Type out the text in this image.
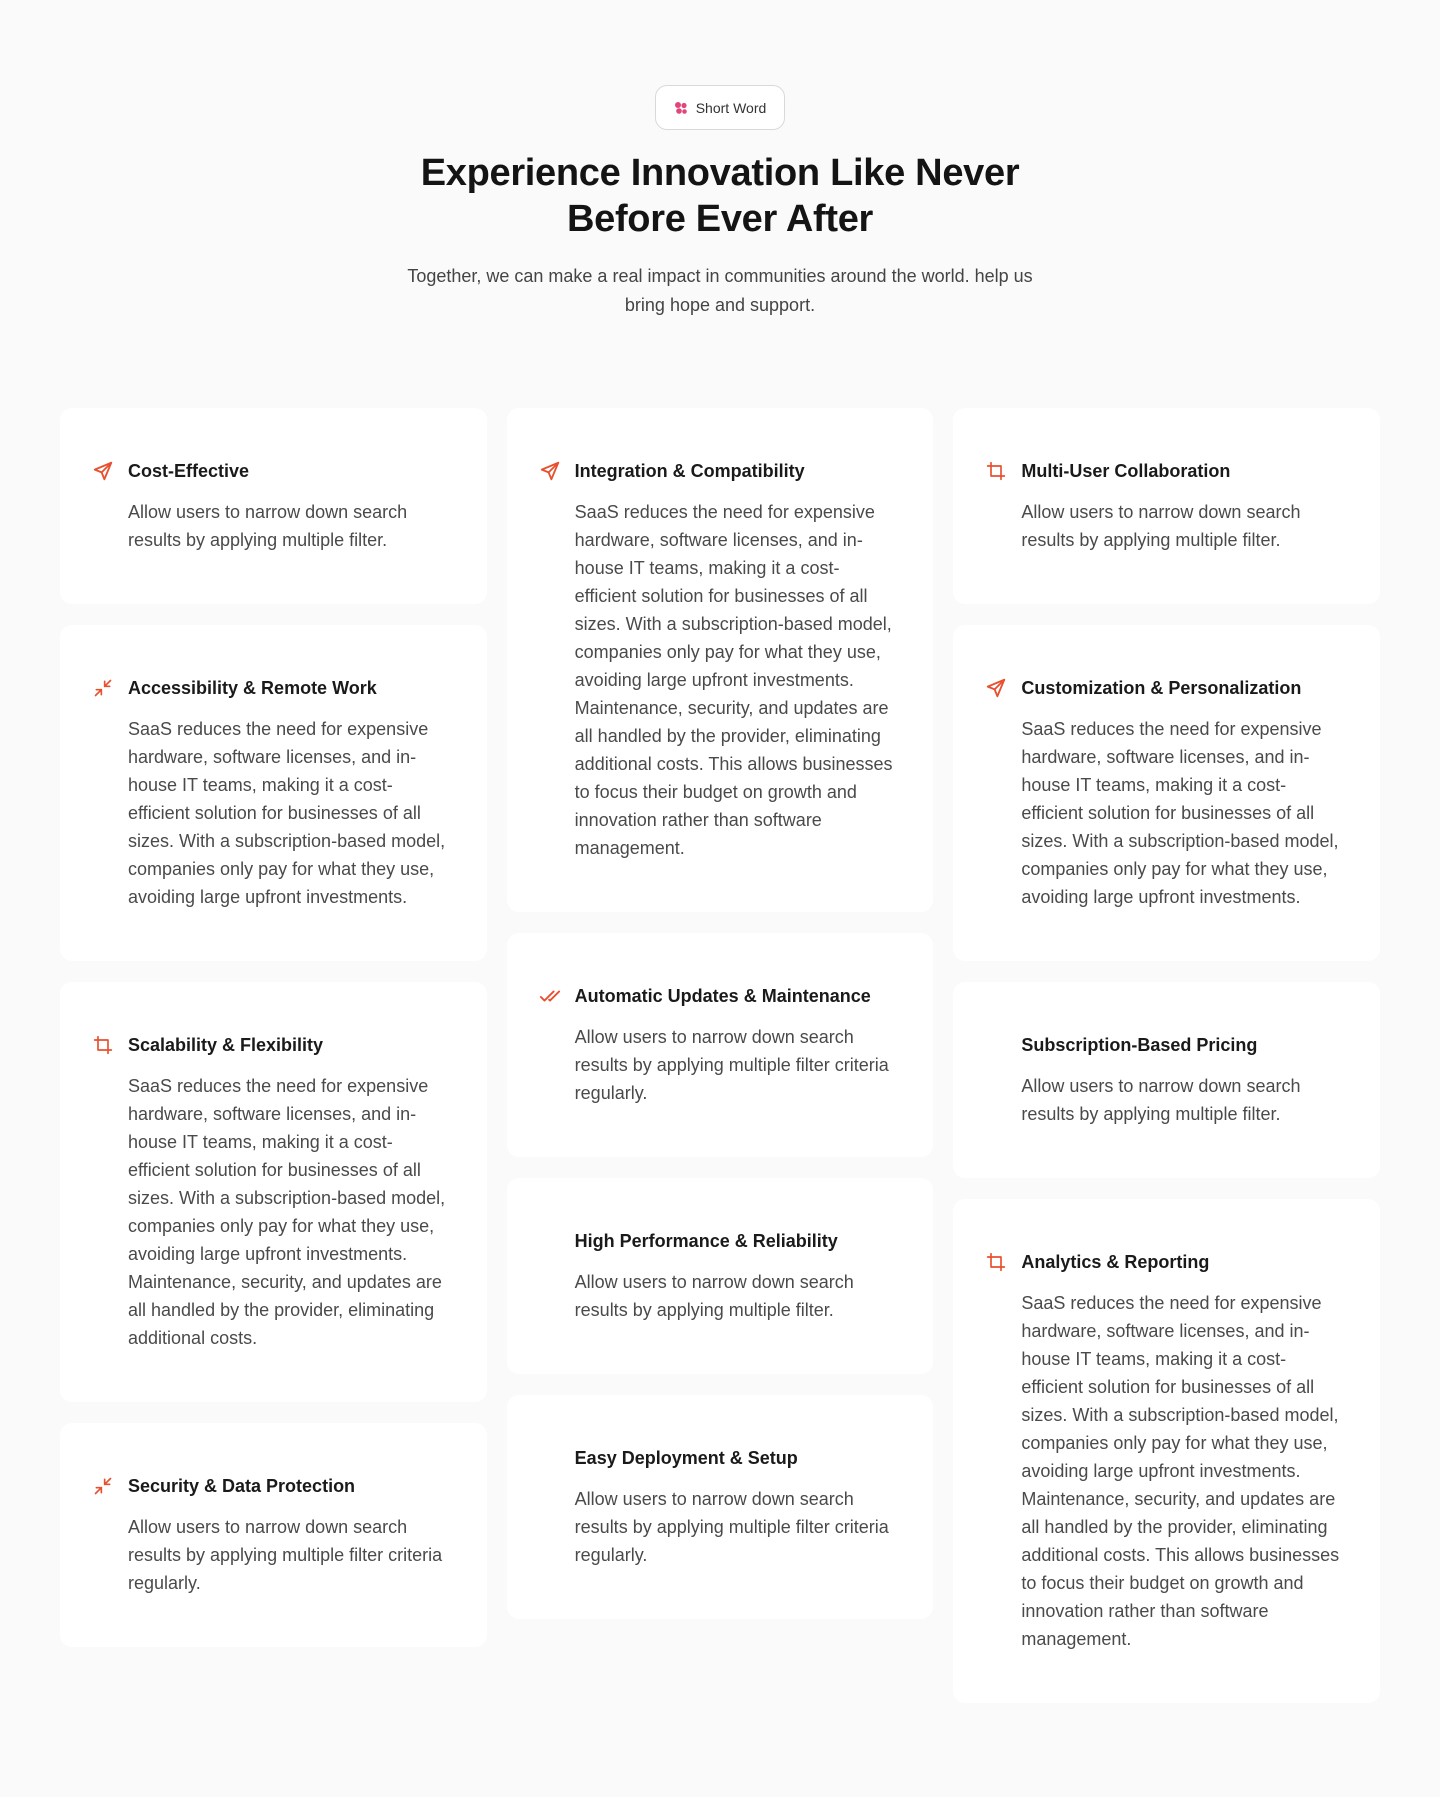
Short Word
Experience Innovation Like Never Before Ever After

Together, we can make a real impact in communities around the world. help us bring hope and support.

Cost-Effective

Allow users to narrow down search results by applying multiple filter.

Accessibility & Remote Work

SaaS reduces the need for expensive hardware, software licenses, and in-house IT teams, making it a cost-efficient solution for businesses of all sizes. With a subscription-based model, companies only pay for what they use, avoiding large upfront investments.

Scalability & Flexibility

SaaS reduces the need for expensive hardware, software licenses, and in-house IT teams, making it a cost-efficient solution for businesses of all sizes. With a subscription-based model, companies only pay for what they use, avoiding large upfront investments. Maintenance, security, and updates are all handled by the provider, eliminating additional costs.

Security & Data Protection

Allow users to narrow down search results by applying multiple filter criteria regularly.

Integration & Compatibility

SaaS reduces the need for expensive hardware, software licenses, and in-house IT teams, making it a cost-efficient solution for businesses of all sizes. With a subscription-based model, companies only pay for what they use, avoiding large upfront investments. Maintenance, security, and updates are all handled by the provider, eliminating additional costs. This allows businesses to focus their budget on growth and innovation rather than software management.

Automatic Updates & Maintenance

Allow users to narrow down search results by applying multiple filter criteria regularly.

High Performance & Reliability

Allow users to narrow down search results by applying multiple filter.

Easy Deployment & Setup

Allow users to narrow down search results by applying multiple filter criteria regularly.

Multi-User Collaboration

Allow users to narrow down search results by applying multiple filter.

Customization & Personalization

SaaS reduces the need for expensive hardware, software licenses, and in-house IT teams, making it a cost-efficient solution for businesses of all sizes. With a subscription-based model, companies only pay for what they use, avoiding large upfront investments.

Subscription-Based Pricing

Allow users to narrow down search results by applying multiple filter.

Analytics & Reporting

SaaS reduces the need for expensive hardware, software licenses, and in-house IT teams, making it a cost-efficient solution for businesses of all sizes. With a subscription-based model, companies only pay for what they use, avoiding large upfront investments. Maintenance, security, and updates are all handled by the provider, eliminating additional costs. This allows businesses to focus their budget on growth and innovation rather than software management.
